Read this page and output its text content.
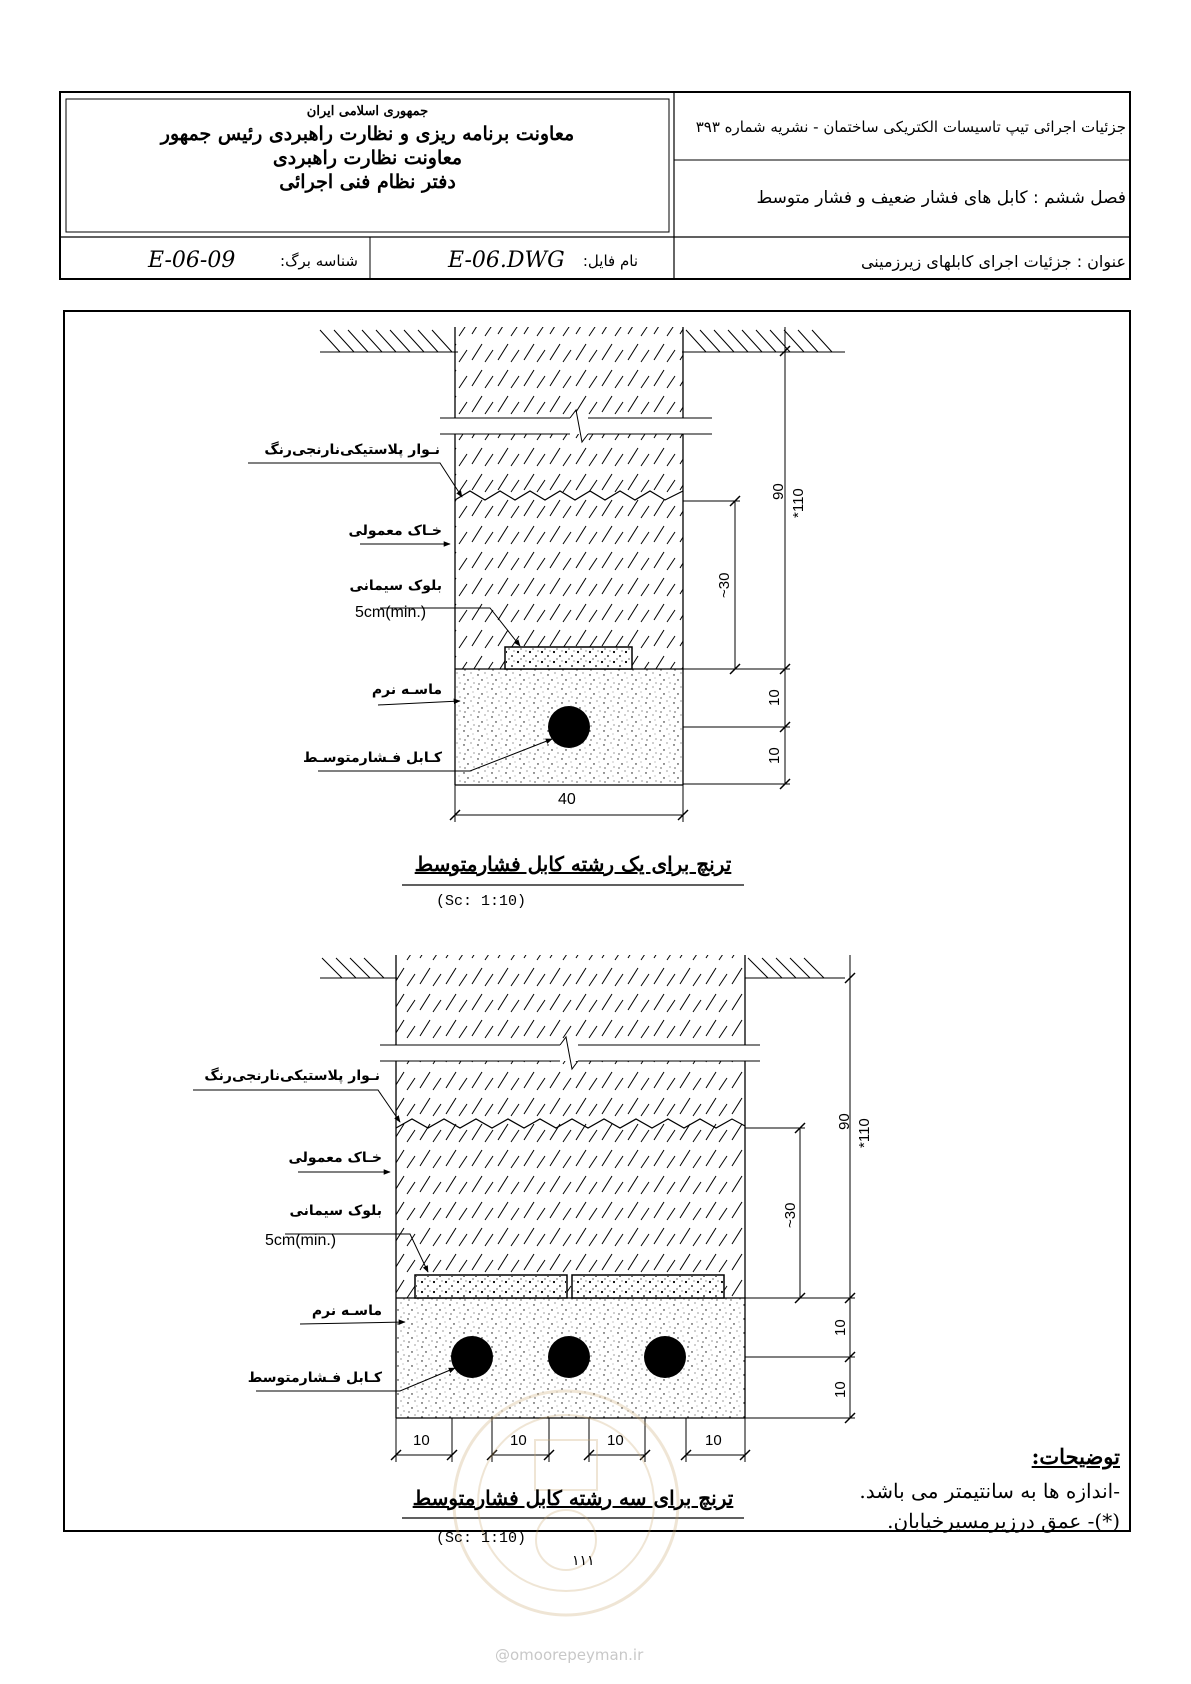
جمهوری اسلامی ایران
معاونت برنامه ریزی و نظارت راهبردی رئیس جمهور
معاونت نظارت راهبردی
دفتر نظام فنی اجرائی
جزئیات اجرائی تیپ تاسیسات الکتریکی ساختمان - نشریه شماره ۳۹۳
فصل ششم : کابل های فشار ضعیف و فشار متوسط
عنوان : جزئیات اجرای کابلهای زیرزمینی
نام فایل:
E-06.DWG
شناسه برگ:
E-06-09
نـوار پلاستیکی‌نارنجی‌رنگ
خـاک معمولی
بلوک سیمانی
5cm(min.)
ماسـه نرم
کـابل فـشارمتوسـط
90 *110
~30
10
10
40
ترنچ برای یک رشته کابل فشارمتوسط
(Sc: 1:10)
نـوار پلاستیکی‌نارنجی‌رنگ
خـاک معمولی
بلوک سیمانی
5cm(min.)
ماسـه نرم
کـابل فـشارمتوسط
90 *110
~30
10
10
10	10	10	10
ترنچ برای سه رشته کابل فشارمتوسط
(Sc: 1:10)
توضیحات:
-اندازه ها به سانتیمتر می باشد.
(*)- عمق درزیرمسیرخیابان.
۱۱۱
@omoorepeyman.ir
